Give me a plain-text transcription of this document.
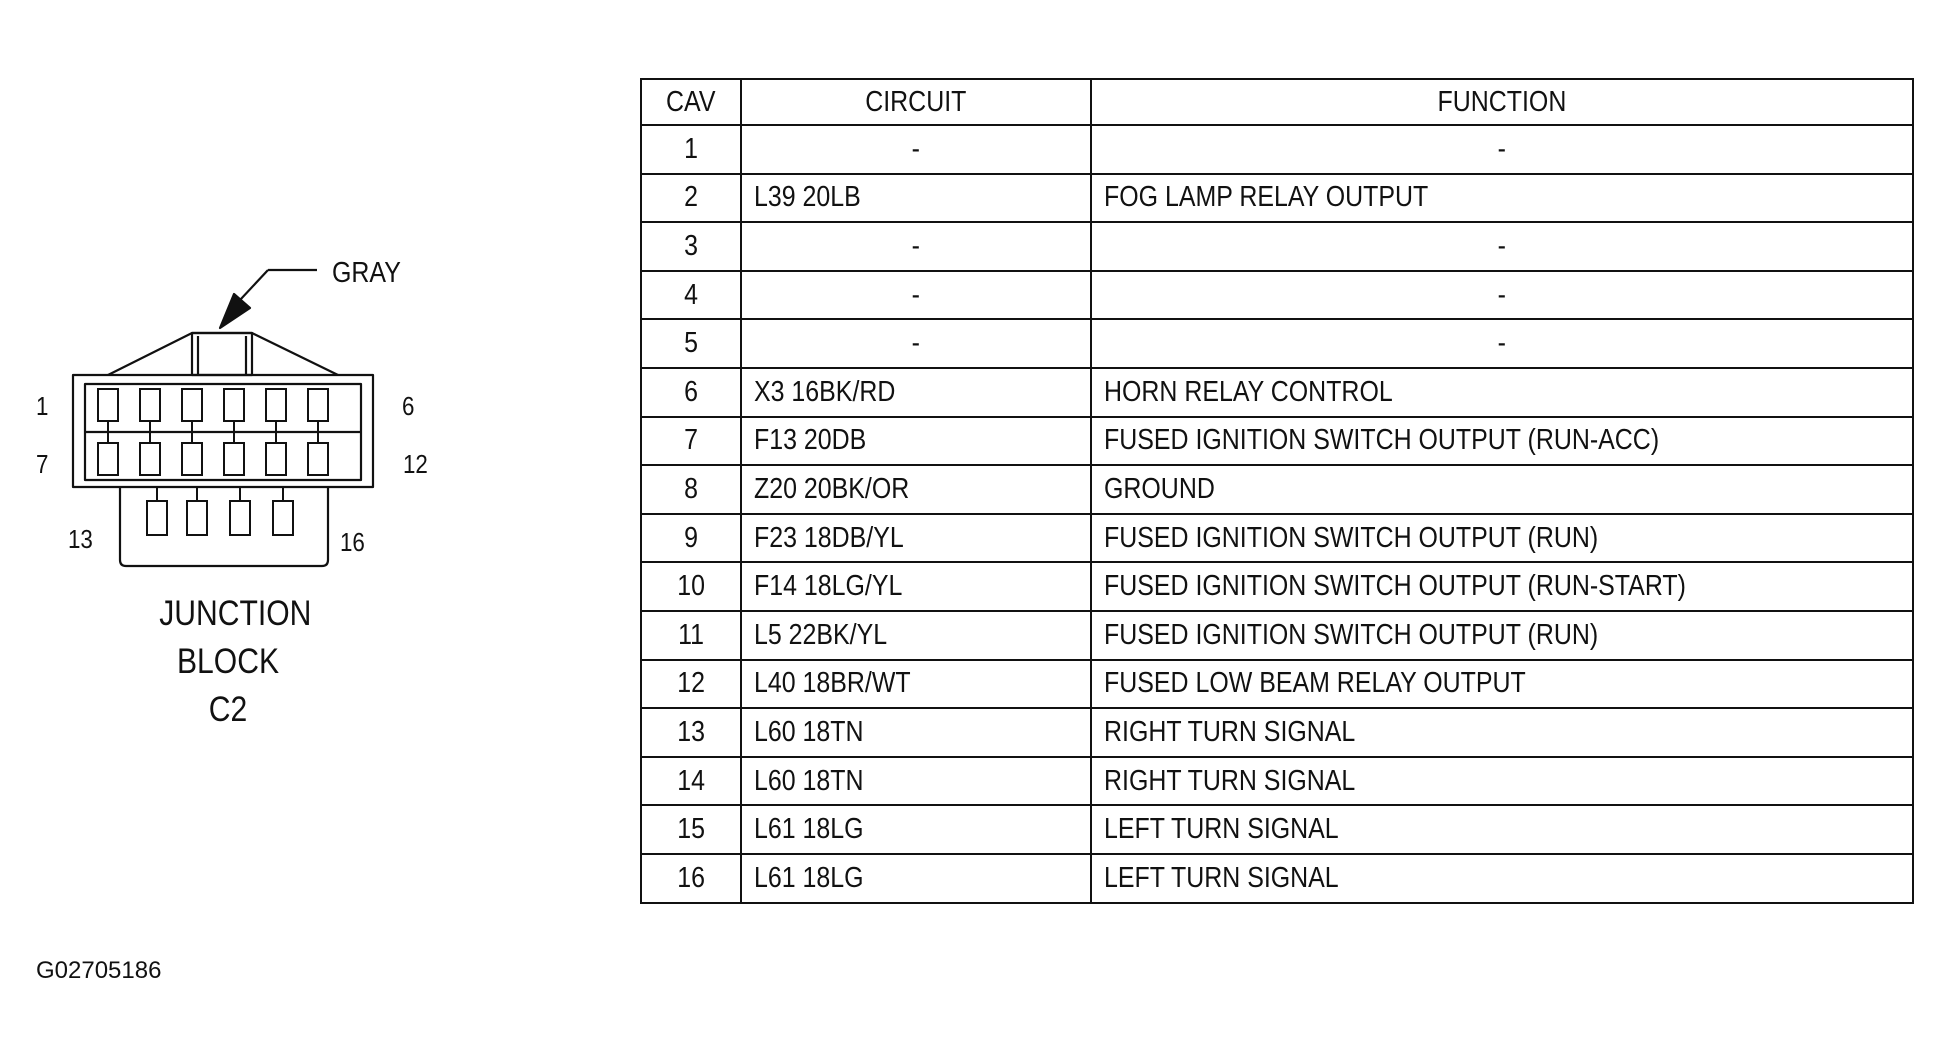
GRAY
1	6
7	12
13	16
JUNCTION
BLOCK C2
G02705186
CAV	CIRCUIT	FUNCTION
1	-	-
2	L39 20LB	FOG LAMP RELAY OUTPUT
3	-	-
4	-	-
5	-	-
6	X3 16BK/RD	HORN RELAY CONTROL
7	F13 20DB	FUSED IGNITION SWITCH OUTPUT (RUN-ACC)
8	Z20 20BK/OR	GROUND
9	F23 18DB/YL	FUSED IGNITION SWITCH OUTPUT (RUN)
10	F14 18LG/YL	FUSED IGNITION SWITCH OUTPUT (RUN-START)
11	L5 22BK/YL	FUSED IGNITION SWITCH OUTPUT (RUN)
12	L40 18BR/WT	FUSED LOW BEAM RELAY OUTPUT
13	L60 18TN	RIGHT TURN SIGNAL
14	L60 18TN	RIGHT TURN SIGNAL
15	L61 18LG	LEFT TURN SIGNAL
16	L61 18LG	LEFT TURN SIGNAL
